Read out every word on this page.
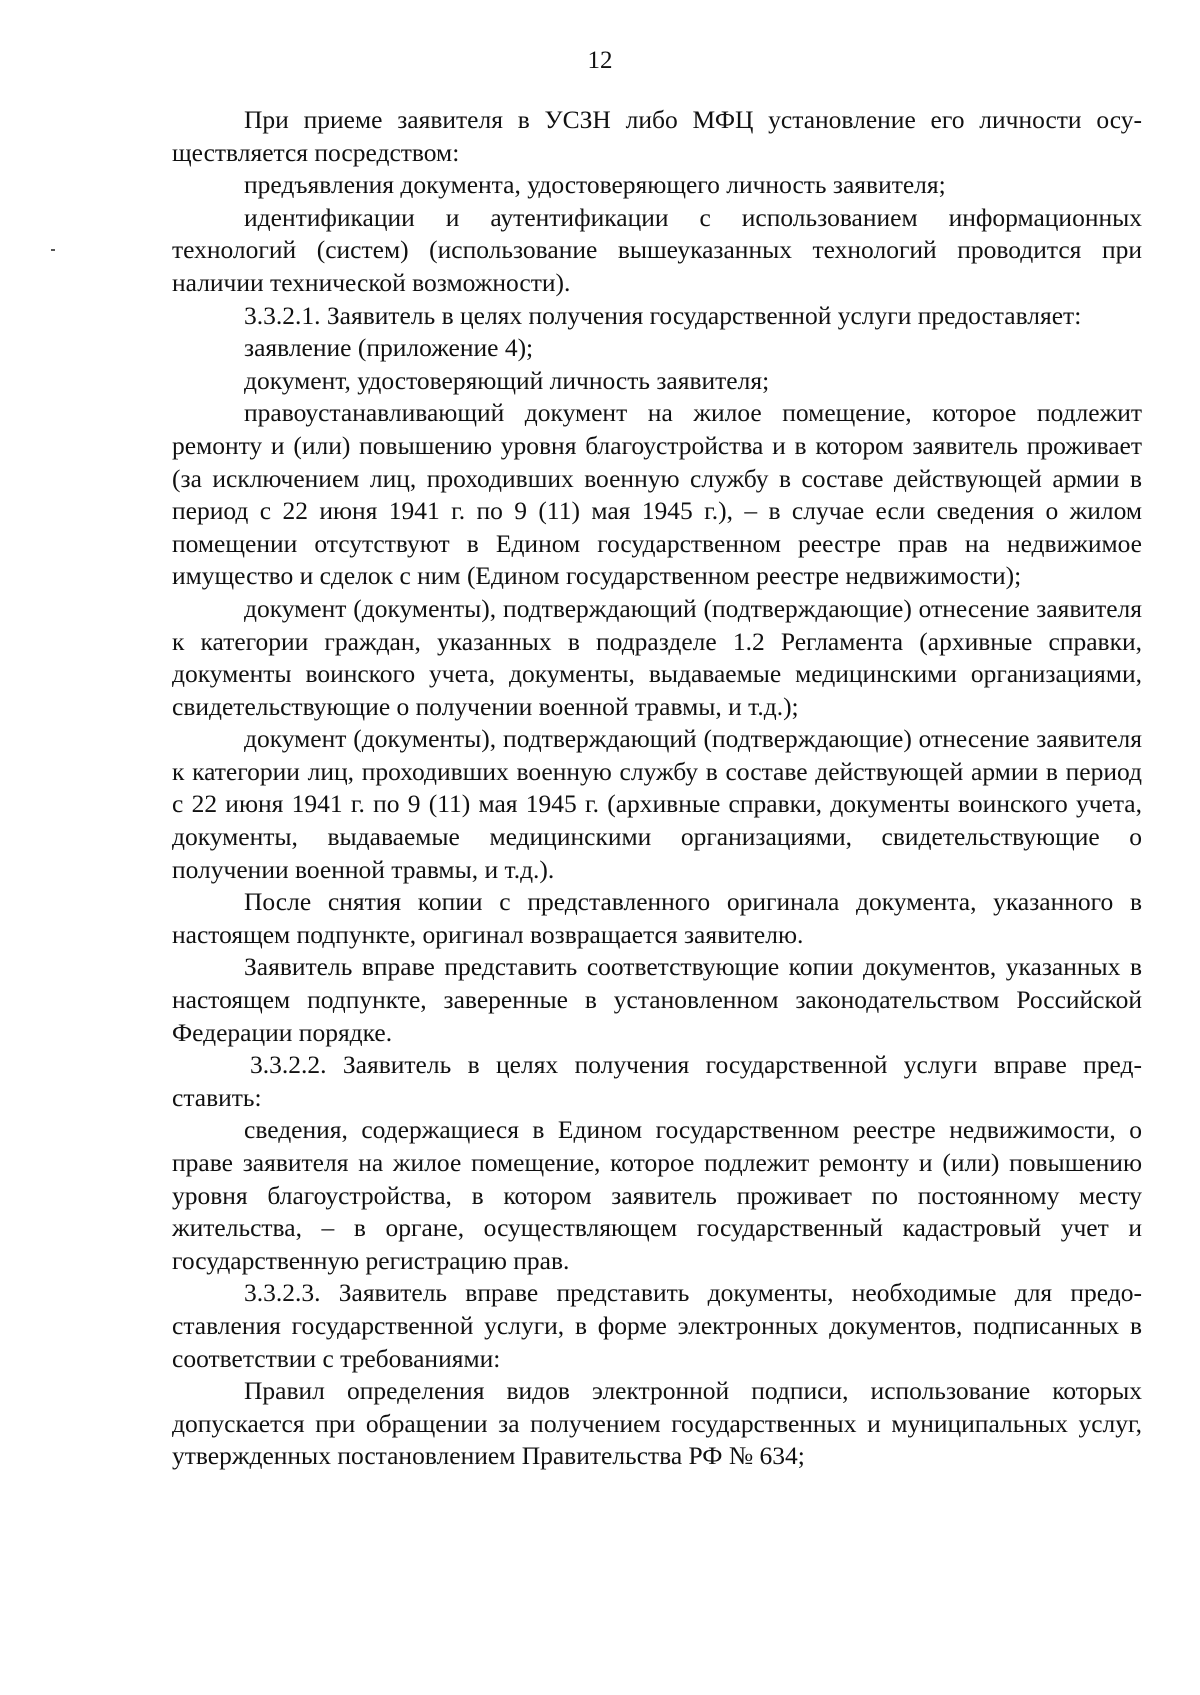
12

При приеме заявителя в УСЗН либо МФЦ установление его личности осуществляется посредством:

предъявления документа, удостоверяющего личность заявителя;

идентификации и аутентификации с использованием информационных технологий (систем) (использование вышеуказанных технологий проводится при наличии технической возможности).

3.3.2.1. Заявитель в целях получения государственной услуги предоставляет:

заявление (приложение 4);

документ, удостоверяющий личность заявителя;

правоустанавливающий документ на жилое помещение, которое подлежит ремонту и (или) повышению уровня благоустройства и в котором заявитель проживает (за исключением лиц, проходивших военную службу в составе действующей армии в период с 22 июня 1941 г. по 9 (11) мая 1945 г.), – в случае если сведения о жилом помещении отсутствуют в Едином государственном реестре прав на недвижимое имущество и сделок с ним (Едином государственном реестре недвижимости);

документ (документы), подтверждающий (подтверждающие) отнесение заявителя к категории граждан, указанных в подразделе 1.2 Регламента (архивные справки, документы воинского учета, документы, выдаваемые медицинскими организациями, свидетельствующие о получении военной травмы, и т.д.);

документ (документы), подтверждающий (подтверждающие) отнесение заявителя к категории лиц, проходивших военную службу в составе действующей армии в период с 22 июня 1941 г. по 9 (11) мая 1945 г. (архивные справки, документы воинского учета, документы, выдаваемые медицинскими организациями, свидетельствующие о получении военной травмы, и т.д.).

После снятия копии с представленного оригинала документа, указанного в настоящем подпункте, оригинал возвращается заявителю.

Заявитель вправе представить соответствующие копии документов, указанных в настоящем подпункте, заверенные в установленном законодательством Российской Федерации порядке.

3.3.2.2. Заявитель в целях получения государственной услуги вправе представить:

сведения, содержащиеся в Едином государственном реестре недвижимости, о праве заявителя на жилое помещение, которое подлежит ремонту и (или) повышению уровня благоустройства, в котором заявитель проживает по постоянному месту жительства, – в органе, осуществляющем государственный кадастровый учет и государственную регистрацию прав.

3.3.2.3. Заявитель вправе представить документы, необходимые для предоставления государственной услуги, в форме электронных документов, подписанных в соответствии с требованиями:

Правил определения видов электронной подписи, использование которых допускается при обращении за получением государственных и муниципальных услуг, утвержденных постановлением Правительства РФ № 634;
